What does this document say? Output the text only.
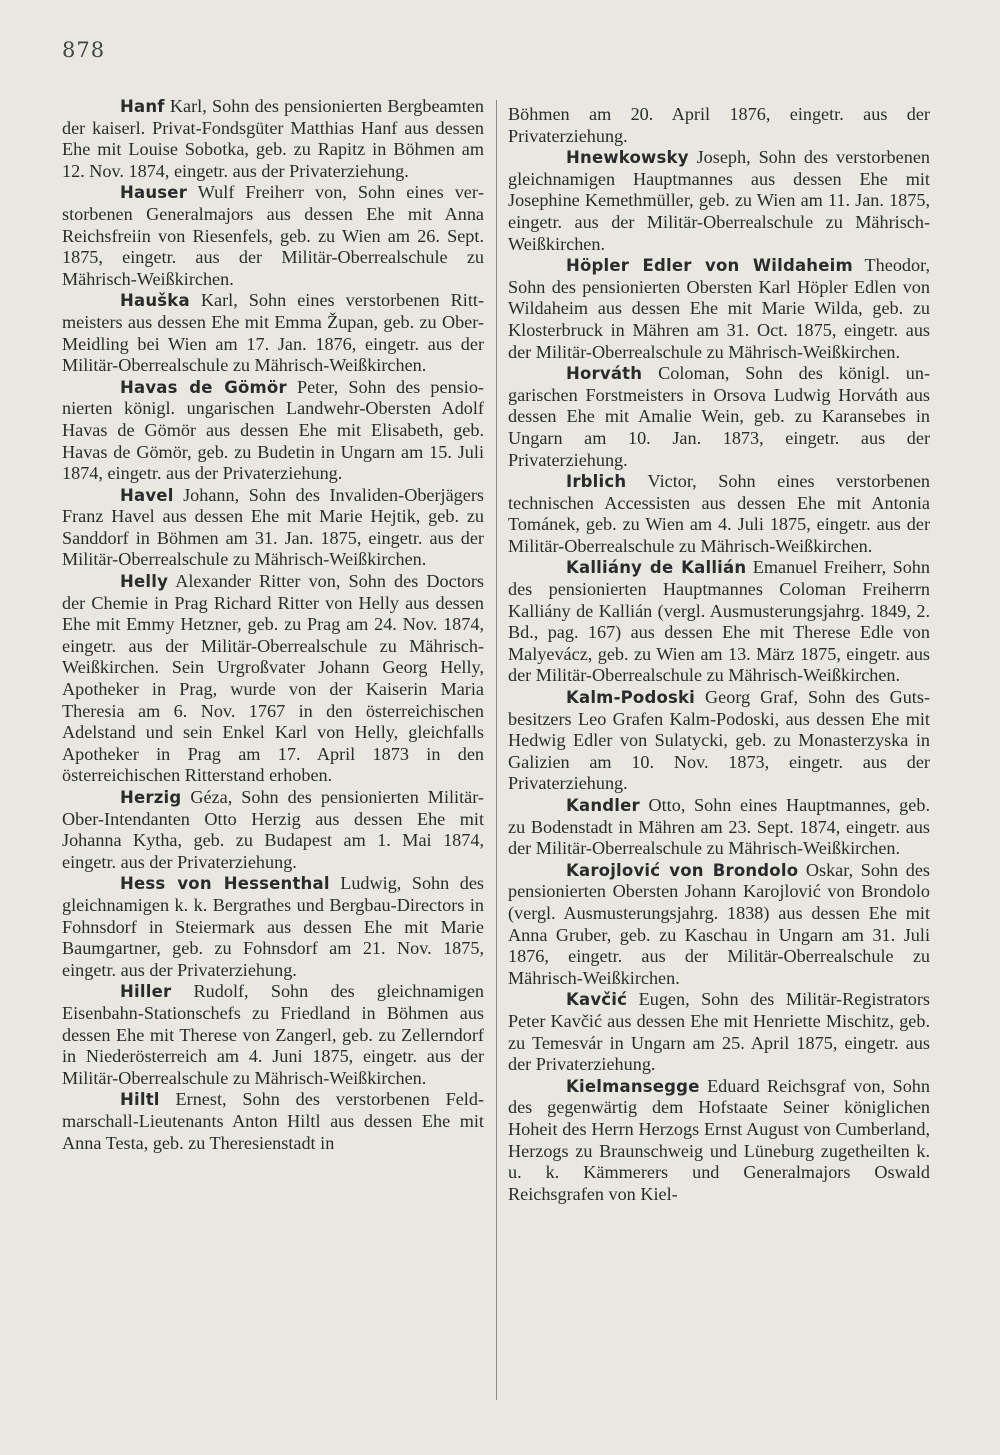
878

Hanf Karl, Sohn des pensionierten Bergbeamten der kaiserl. Privat-Fondsgüter Matthias Hanf aus dessen Ehe mit Louise Sobotka, geb. zu Rapitz in Böhmen am 12. Nov. 1874, eingetr. aus der Privaterziehung.

Hauser Wulf Freiherr von, Sohn eines verstorbenen Generalmajors aus dessen Ehe mit Anna Reichsfreiin von Riesenfels, geb. zu Wien am 26. Sept. 1875, eingetr. aus der Militär-Oberrealschule zu Mährisch-Weißkirchen.

Hauška Karl, Sohn eines verstorbenen Rittmeisters aus dessen Ehe mit Emma Župan, geb. zu Ober-Meidling bei Wien am 17. Jan. 1876, eingetr. aus der Militär-Oberrealschule zu Mährisch-Weißkirchen.

Havas de Gömör Peter, Sohn des pensionierten königl. ungarischen Landwehr-Obersten Adolf Havas de Gömör aus dessen Ehe mit Elisabeth, geb. Havas de Gömör, geb. zu Budetin in Ungarn am 15. Juli 1874, eingetr. aus der Privaterziehung.

Havel Johann, Sohn des Invaliden-Oberjägers Franz Havel aus dessen Ehe mit Marie Hejtik, geb. zu Sanddorf in Böhmen am 31. Jan. 1875, eingetr. aus der Militär-Oberrealschule zu Mährisch-Weißkirchen.

Helly Alexander Ritter von, Sohn des Doctors der Chemie in Prag Richard Ritter von Helly aus dessen Ehe mit Emmy Hetzner, geb. zu Prag am 24. Nov. 1874, eingetr. aus der Militär-Oberrealschule zu Mährisch-Weißkirchen. Sein Urgroßvater Johann Georg Helly, Apotheker in Prag, wurde von der Kaiserin Maria Theresia am 6. Nov. 1767 in den österreichischen Adelstand und sein Enkel Karl von Helly, gleichfalls Apotheker in Prag am 17. April 1873 in den österreichischen Ritterstand erhoben.

Herzig Géza, Sohn des pensionierten Militär-Ober-Intendanten Otto Herzig aus dessen Ehe mit Johanna Kytha, geb. zu Budapest am 1. Mai 1874, eingetr. aus der Privaterziehung.

Hess von Hessenthal Ludwig, Sohn des gleichnamigen k. k. Bergrathes und Bergbau-Directors in Fohnsdorf in Steiermark aus dessen Ehe mit Marie Baumgartner, geb. zu Fohnsdorf am 21. Nov. 1875, eingetr. aus der Privaterziehung.

Hiller Rudolf, Sohn des gleichnamigen Eisenbahn-Stationschefs zu Friedland in Böhmen aus dessen Ehe mit Therese von Zangerl, geb. zu Zellerndorf in Niederösterreich am 4. Juni 1875, eingetr. aus der Militär-Oberrealschule zu Mährisch-Weißkirchen.

Hiltl Ernest, Sohn des verstorbenen Feldmarschall-Lieutenants Anton Hiltl aus dessen Ehe mit Anna Testa, geb. zu Theresienstadt in

Böhmen am 20. April 1876, eingetr. aus der Privaterziehung.

Hnewkowsky Joseph, Sohn des verstorbenen gleichnamigen Hauptmannes aus dessen Ehe mit Josephine Kemethmüller, geb. zu Wien am 11. Jan. 1875, eingetr. aus der Militär-Oberrealschule zu Mährisch-Weißkirchen.

Höpler Edler von Wildaheim Theodor, Sohn des pensionierten Obersten Karl Höpler Edlen von Wildaheim aus dessen Ehe mit Marie Wilda, geb. zu Klosterbruck in Mähren am 31. Oct. 1875, eingetr. aus der Militär-Oberrealschule zu Mährisch-Weißkirchen.

Horváth Coloman, Sohn des königl. ungarischen Forstmeisters in Orsova Ludwig Horváth aus dessen Ehe mit Amalie Wein, geb. zu Karansebes in Ungarn am 10. Jan. 1873, eingetr. aus der Privaterziehung.

Irblich Victor, Sohn eines verstorbenen technischen Accessisten aus dessen Ehe mit Antonia Tománek, geb. zu Wien am 4. Juli 1875, eingetr. aus der Militär-Oberrealschule zu Mährisch-Weißkirchen.

Kalliány de Kallián Emanuel Freiherr, Sohn des pensionierten Hauptmannes Coloman Freiherrn Kalliány de Kallián (vergl. Ausmusterungsjahrg. 1849, 2. Bd., pag. 167) aus dessen Ehe mit Therese Edle von Malyevácz, geb. zu Wien am 13. März 1875, eingetr. aus der Militär-Oberrealschule zu Mährisch-Weißkirchen.

Kalm-Podoski Georg Graf, Sohn des Gutsbesitzers Leo Grafen Kalm-Podoski, aus dessen Ehe mit Hedwig Edler von Sulatycki, geb. zu Monasterzyska in Galizien am 10. Nov. 1873, eingetr. aus der Privaterziehung.

Kandler Otto, Sohn eines Hauptmannes, geb. zu Bodenstadt in Mähren am 23. Sept. 1874, eingetr. aus der Militär-Oberrealschule zu Mährisch-Weißkirchen.

Karojlović von Brondolo Oskar, Sohn des pensionierten Obersten Johann Karojlović von Brondolo (vergl. Ausmusterungsjahrg. 1838) aus dessen Ehe mit Anna Gruber, geb. zu Kaschau in Ungarn am 31. Juli 1876, eingetr. aus der Militär-Oberrealschule zu Mährisch-Weißkirchen.

Kavčić Eugen, Sohn des Militär-Registrators Peter Kavčić aus dessen Ehe mit Henriette Mischitz, geb. zu Temesvár in Ungarn am 25. April 1875, eingetr. aus der Privaterziehung.

Kielmansegge Eduard Reichsgraf von, Sohn des gegenwärtig dem Hofstaate Seiner königlichen Hoheit des Herrn Herzogs Ernst August von Cumberland, Herzogs zu Braunschweig und Lüneburg zugetheilten k. u. k. Kämmerers und Generalmajors Oswald Reichsgrafen von Kiel-
